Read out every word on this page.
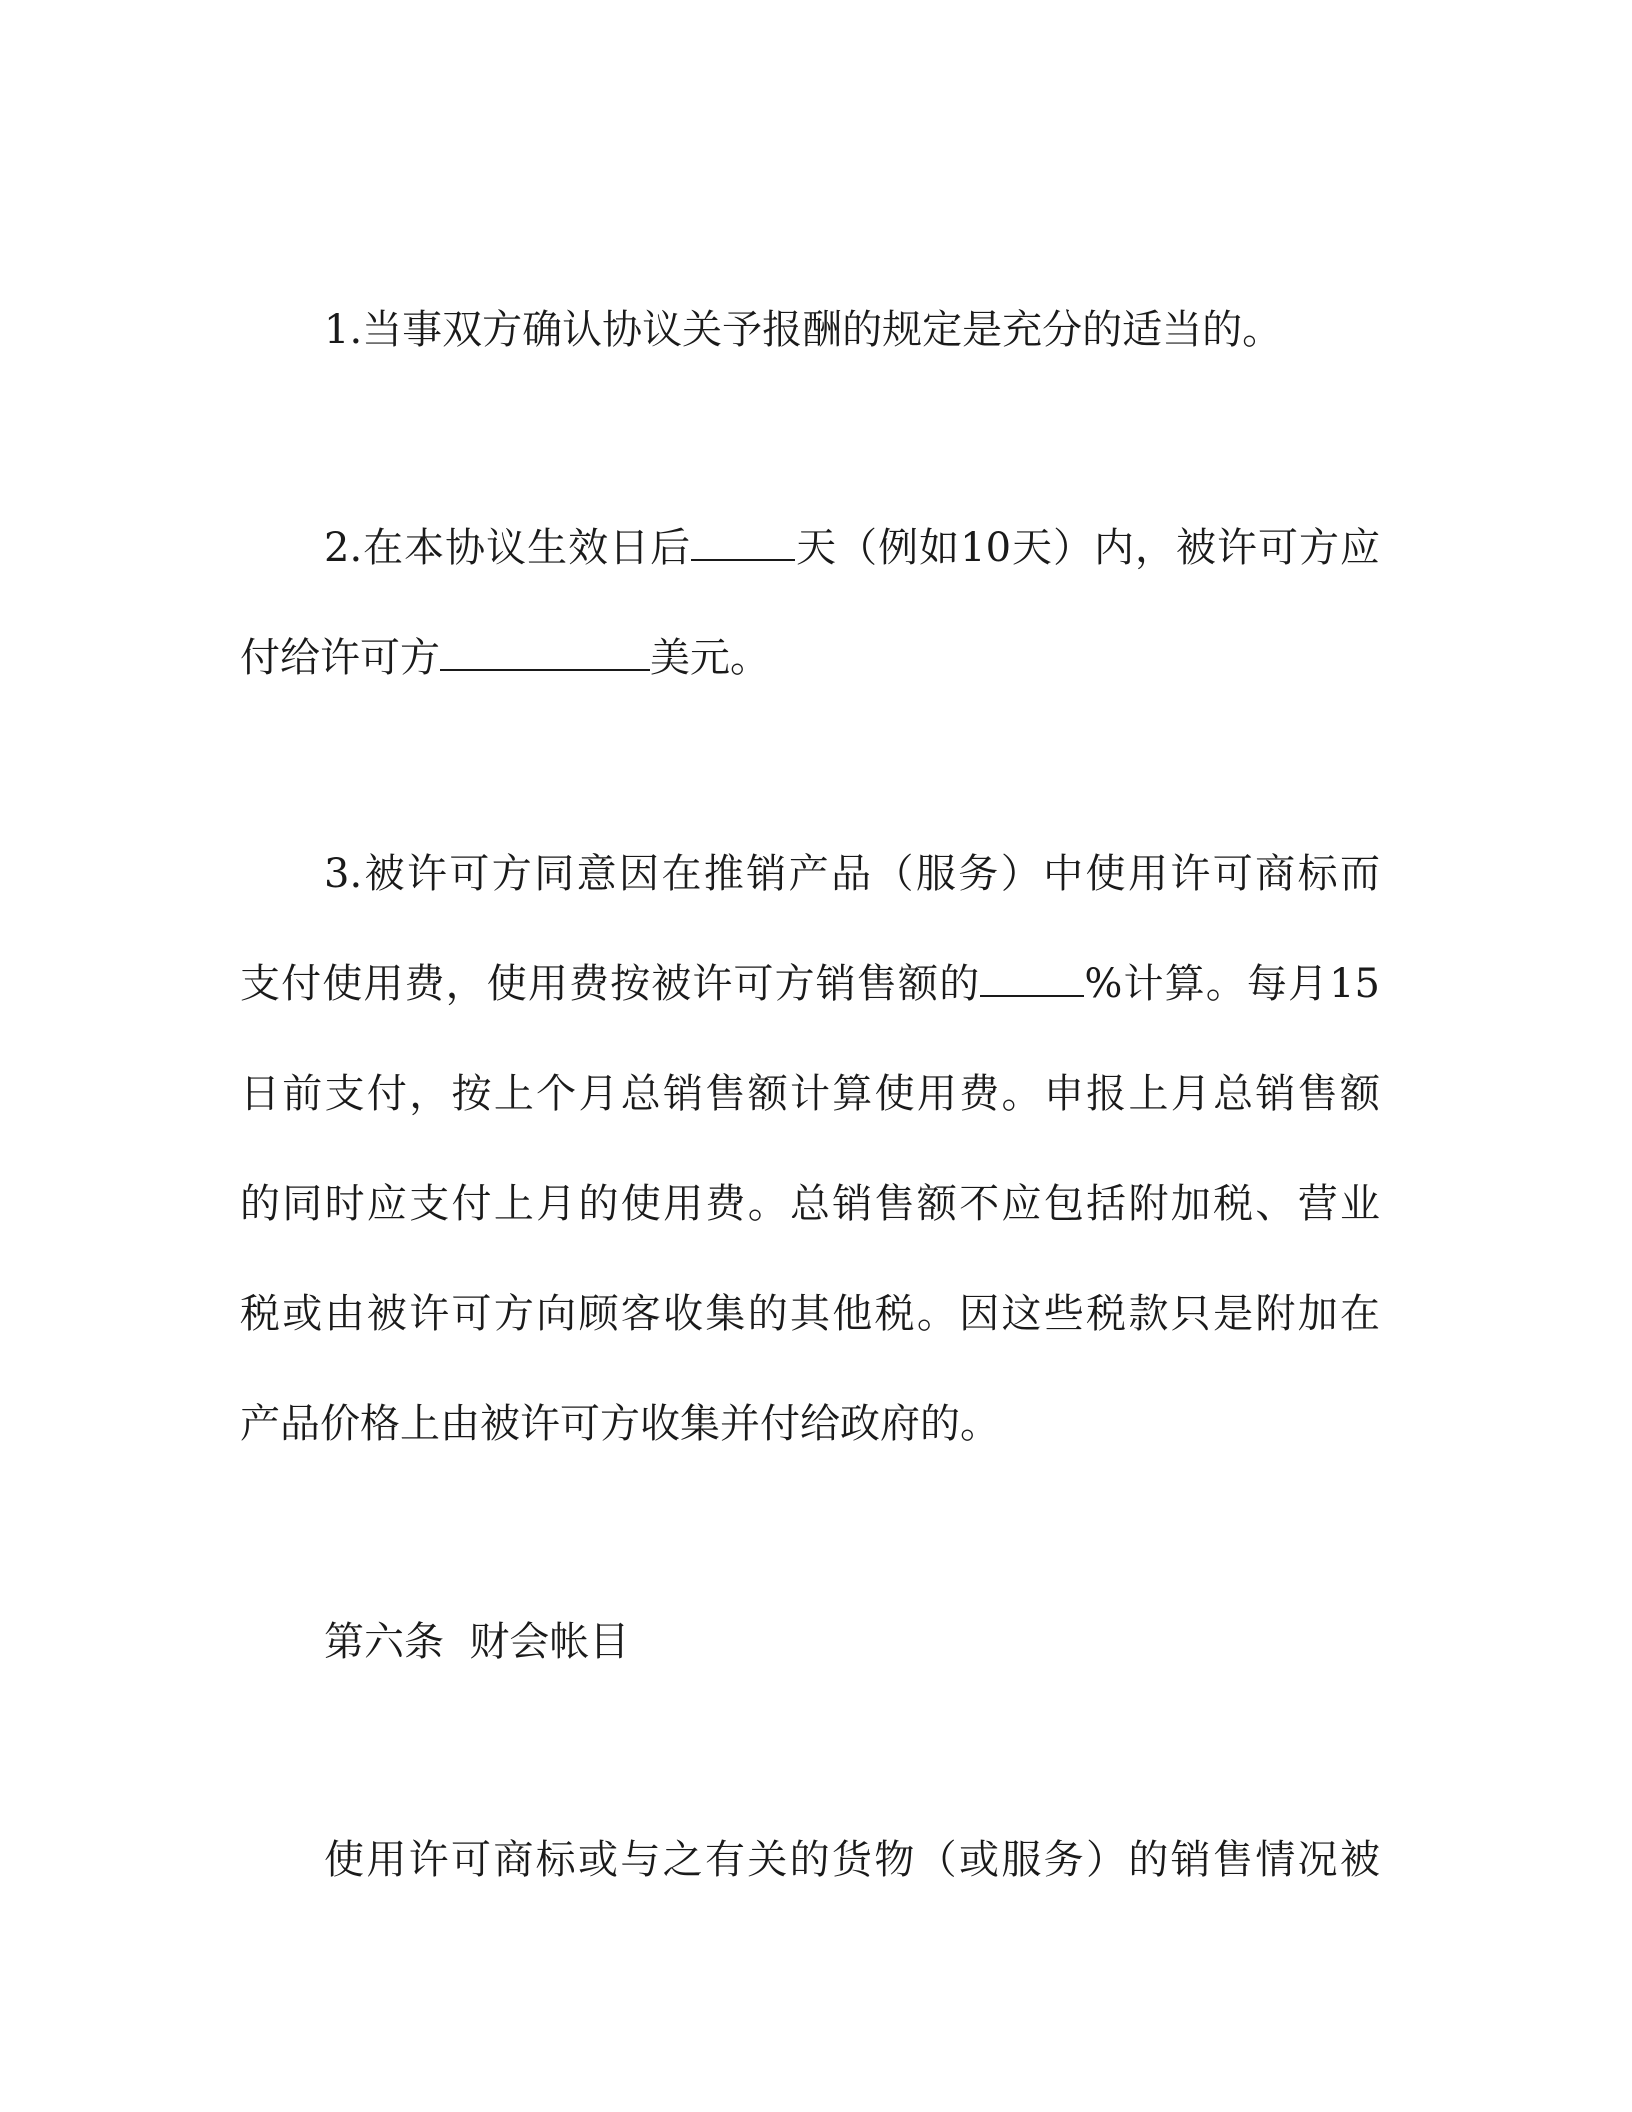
1.当事双方确认协议关予报酬的规定是充分的适当的。
2.在本协议生效日后	天（例如10天）内，被许可方应
付给许可方	美元。
3.被许可方同意因在推销产品（服务）中使用许可商标而
支付使用费，使用费按被许可方销售额的	%计算。每月15
日前支付，按上个月总销售额计算使用费。申报上月总销售额
的同时应支付上月的使用费。总销售额不应包括附加税、营业
税或由被许可方向顾客收集的其他税。因这些税款只是附加在
产品价格上由被许可方收集并付给政府的。
第六条  财会帐目
使用许可商标或与之有关的货物（或服务）的销售情况被
